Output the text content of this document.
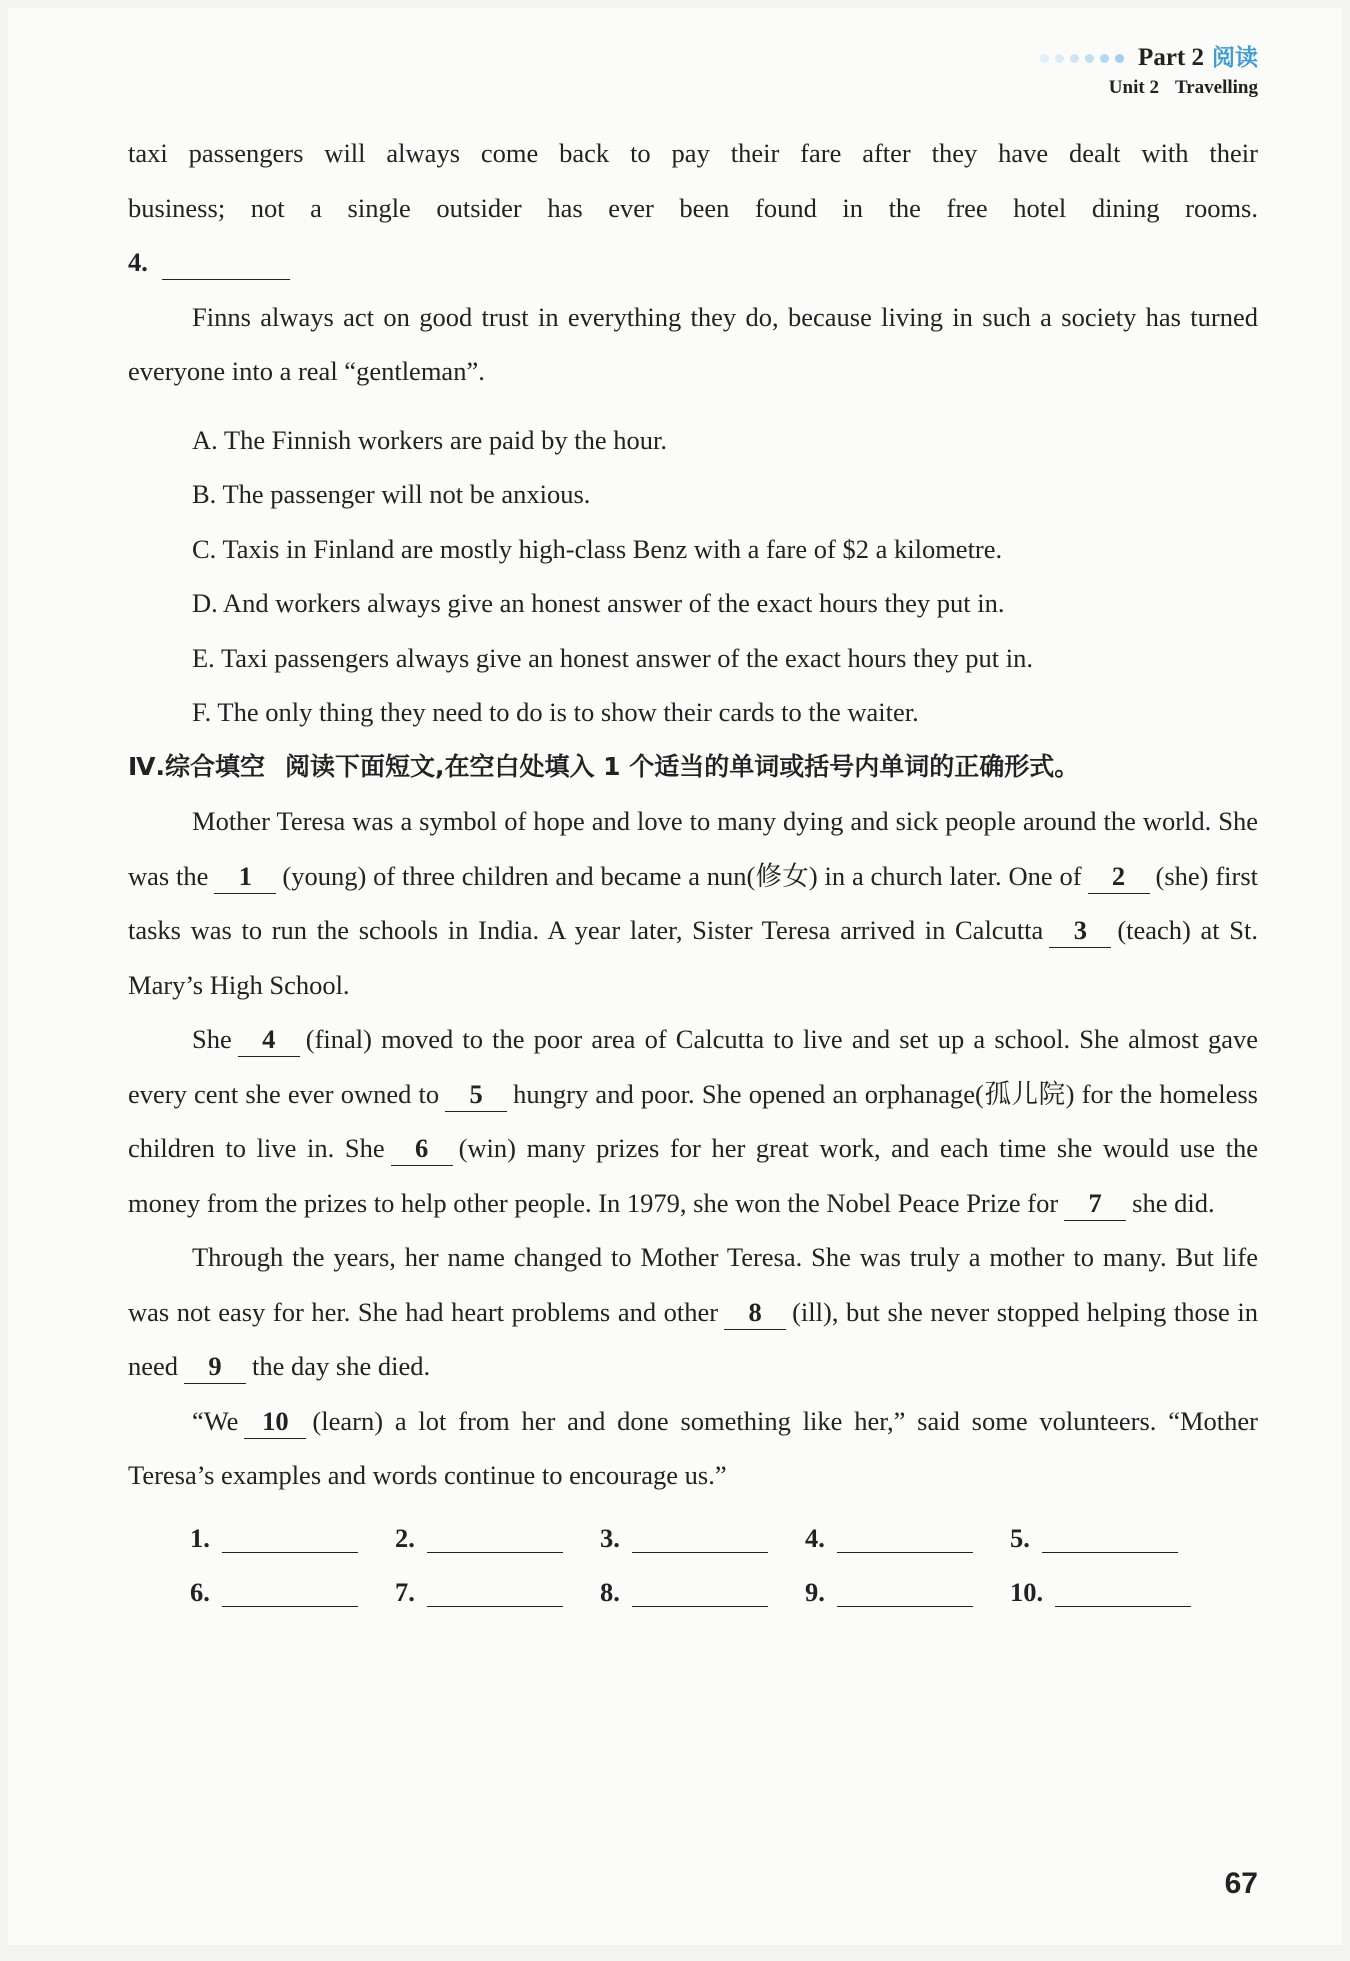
Part 2 阅读
Unit 2 Travelling

taxi passengers will always come back to pay their fare after they have dealt with their

business; not a single outsider has ever been found in the free hotel dining rooms.

4.

Finns always act on good trust in everything they do, because living in such a society has turned everyone into a real “gentleman”.

A. The Finnish workers are paid by the hour.
B. The passenger will not be anxious.
C. Taxis in Finland are mostly high-class Benz with a fare of $2 a kilometre.
D. And workers always give an honest answer of the exact hours they put in.
E. Taxi passengers always give an honest answer of the exact hours they put in.
F. The only thing they need to do is to show their cards to the waiter.
Ⅳ.综合填空 阅读下面短文,在空白处填入 1 个适当的单词或括号内单词的正确形式。

Mother Teresa was a symbol of hope and love to many dying and sick people around the world. She was the 1 (young) of three children and became a nun(修女) in a church later. One of 2 (she) first tasks was to run the schools in India. A year later, Sister Teresa arrived in Calcutta 3 (teach) at St. Mary’s High School.

She 4 (final) moved to the poor area of Calcutta to live and set up a school. She almost gave every cent she ever owned to 5 hungry and poor. She opened an orphanage(孤儿院) for the homeless children to live in. She 6 (win) many prizes for her great work, and each time she would use the money from the prizes to help other people. In 1979, she won the Nobel Peace Prize for 7 she did.

Through the years, her name changed to Mother Teresa. She was truly a mother to many. But life was not easy for her. She had heart problems and other 8 (ill), but she never stopped helping those in need 9 the day she died.

“We 10 (learn) a lot from her and done something like her,” said some volunteers. “Mother Teresa’s examples and words continue to encourage us.”

1.	2.	3.	4.	5.
6.	7.	8.	9.	10.
67
